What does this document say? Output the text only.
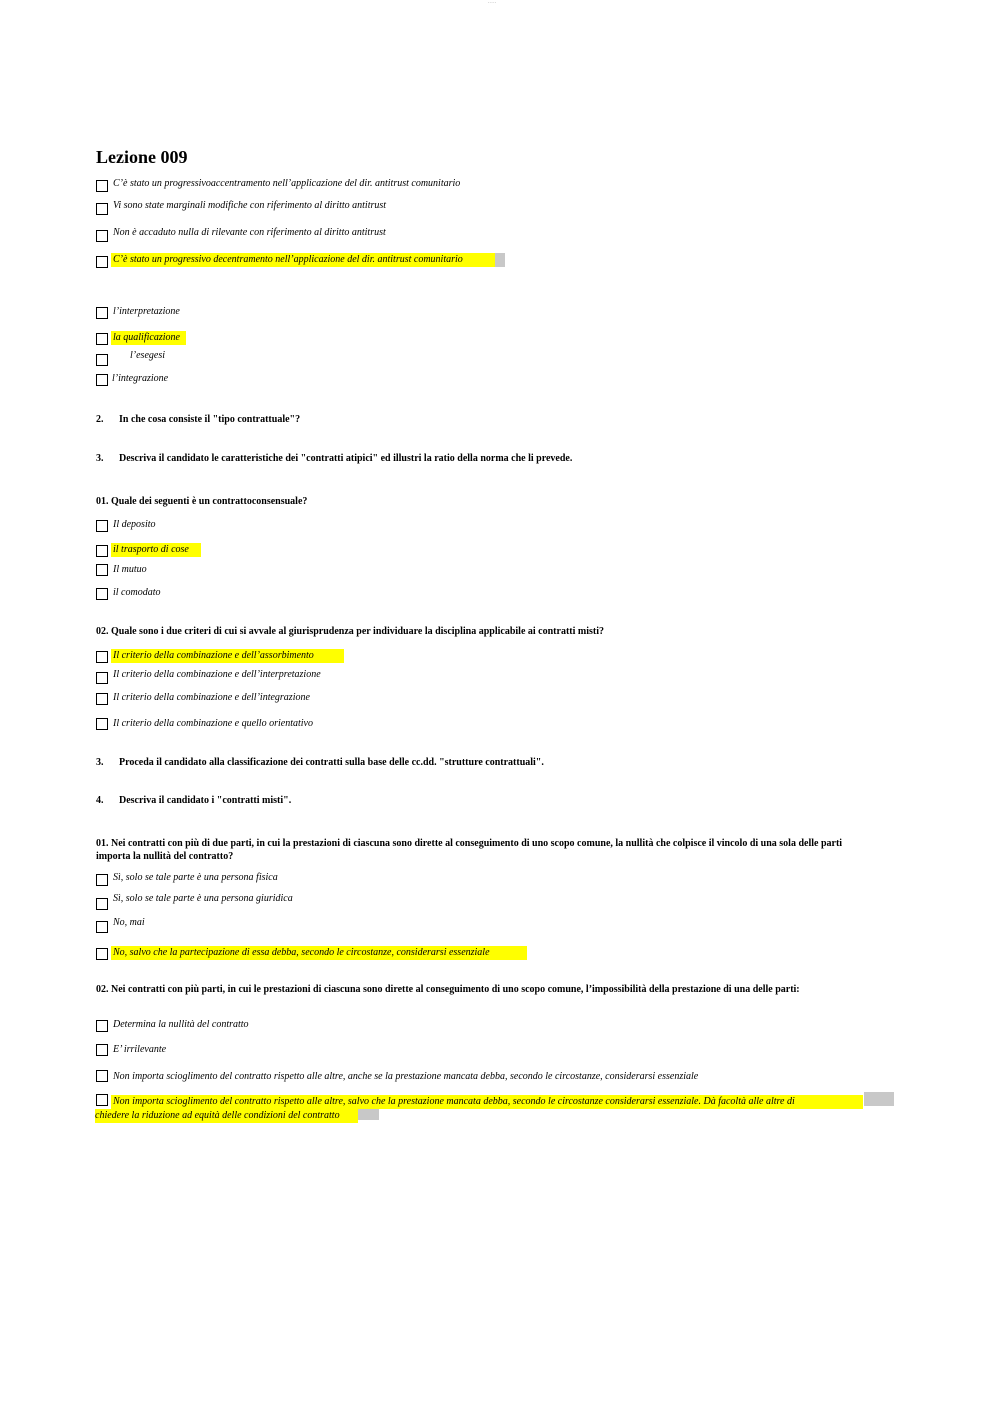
- - - - -
Lezione 009
C’è stato un progressivoaccentramento nell’applicazione del dir. antitrust comunitario
Vi sono state marginali modifiche con riferimento al diritto antitrust
Non è accaduto nulla di rilevante con riferimento al diritto antitrust
C’è stato un progressivo decentramento nell’applicazione del dir. antitrust comunitario
l’interpretazione
la qualificazione
l’esegesi
l’integrazione
2. In che cosa consiste il "tipo contrattuale"?
3. Descriva il candidato le caratteristiche dei "contratti atipici" ed illustri la ratio della norma che li prevede.
01. Quale dei seguenti è un contrattoconsensuale?
Il deposito
il trasporto di cose
Il mutuo
il comodato
02. Quale sono i due criteri di cui si avvale al giurisprudenza per individuare la disciplina applicabile ai contratti misti?
Il criterio della combinazione e dell’assorbimento
Il criterio della combinazione e dell’interpretazione
Il criterio della combinazione e dell’integrazione
Il criterio della combinazione e quello orientativo
3. Proceda il candidato alla classificazione dei contratti sulla base delle cc.dd. "strutture contrattuali".
4. Descriva il candidato i "contratti misti".
01. Nei contratti con più di due parti, in cui la prestazioni di ciascuna sono dirette al conseguimento di uno scopo comune, la nullità che colpisce il vincolo di una sola delle parti importa la nullità del contratto?
Sì, solo se tale parte è una persona fisica
Sì, solo se tale parte è una persona giuridica
No, mai
No, salvo che la partecipazione di essa debba, secondo le circostanze, considerarsi essenziale
02. Nei contratti con più parti, in cui le prestazioni di ciascuna sono dirette al conseguimento di uno scopo comune, l’impossibilità della prestazione di una delle parti:
Determina la nullità del contratto
E’ irrilevante
Non importa scioglimento del contratto rispetto alle altre, anche se la prestazione mancata debba, secondo le circostanze, considerarsi essenziale
Non importa scioglimento del contratto rispetto alle altre, salvo che la prestazione mancata debba, secondo le circostanze considerarsi essenziale. Dà facoltà alle altre di
chiedere la riduzione ad equità delle condizioni del contratto
